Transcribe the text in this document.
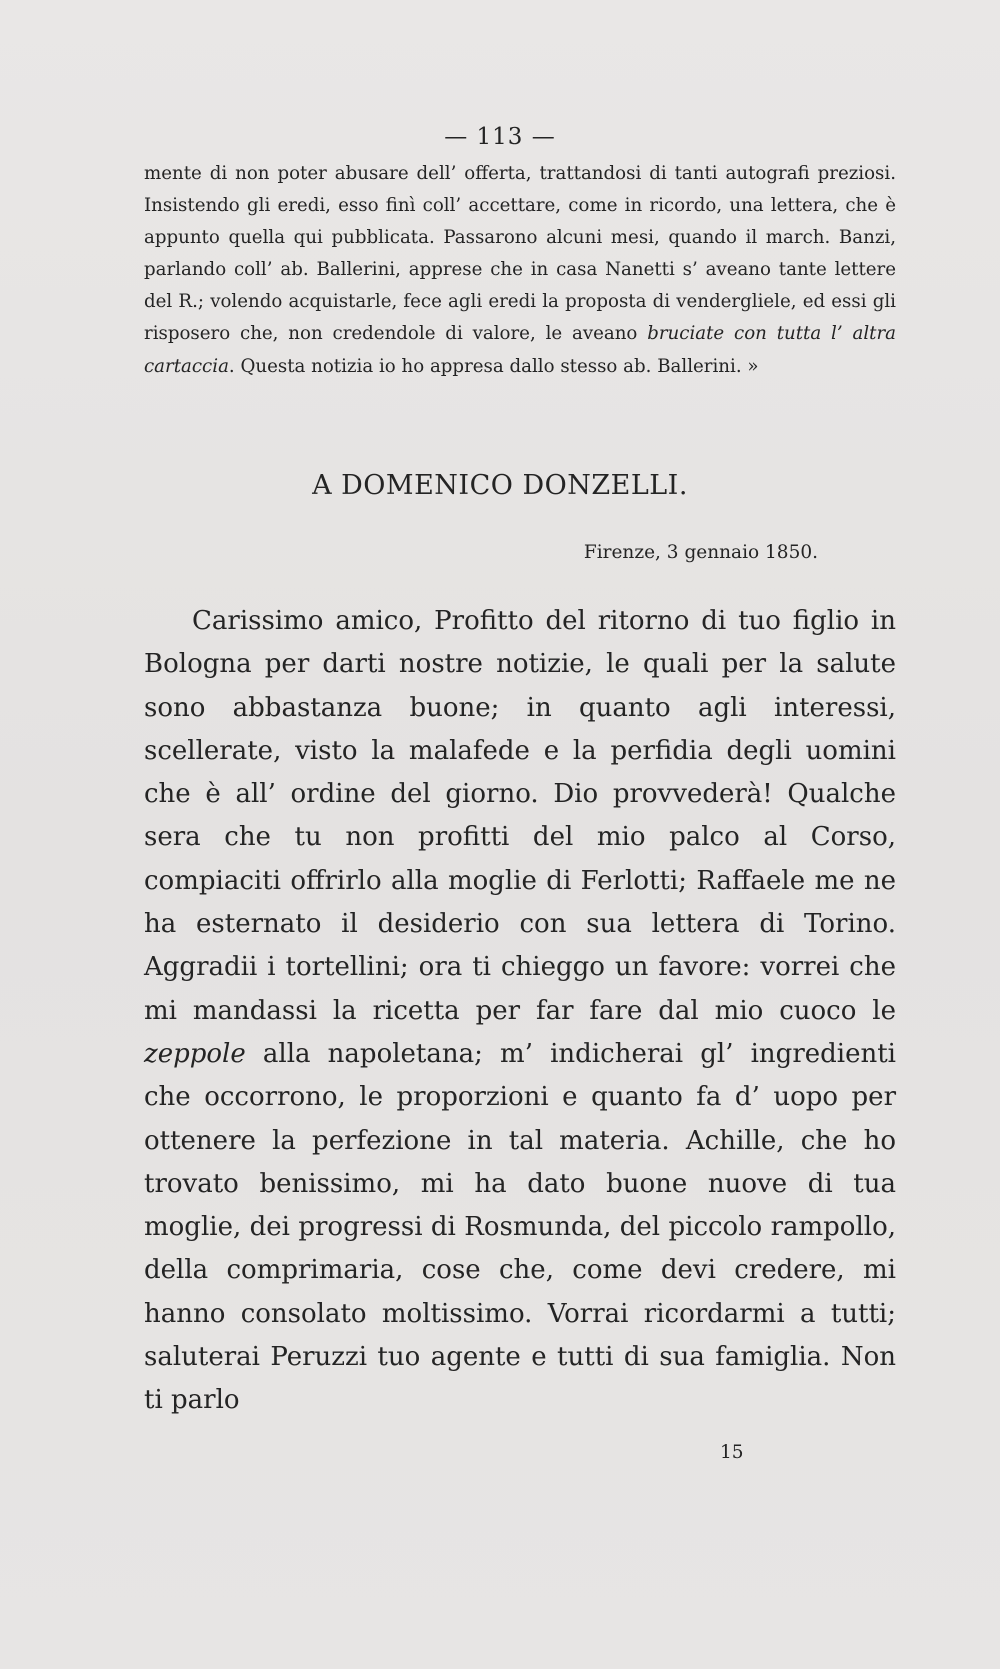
— 113 —

mente di non poter abusare dell’ offerta, trattandosi di tanti autografi preziosi. Insistendo gli eredi, esso finì coll’ accettare, come in ricordo, una lettera, che è appunto quella qui pubblicata. Passarono alcuni mesi, quando il march. Banzi, parlando coll’ ab. Ballerini, apprese che in casa Nanetti s’ aveano tante lettere del R.; volendo acquistarle, fece agli eredi la proposta di vendergliele, ed essi gli risposero che, non credendole di valore, le aveano bruciate con tutta l’ altra cartaccia. Questa notizia io ho appresa dallo stesso ab. Ballerini. »

A DOMENICO DONZELLI.
Firenze, 3 gennaio 1850.

Carissimo amico, Profitto del ritorno di tuo figlio in Bologna per darti nostre notizie, le quali per la salute sono abbastanza buone; in quanto agli interessi, scellerate, visto la malafede e la perfidia degli uomini che è all’ ordine del giorno. Dio provvederà! Qualche sera che tu non profitti del mio palco al Corso, compiaciti offrirlo alla moglie di Ferlotti; Raffaele me ne ha esternato il desiderio con sua lettera di Torino. Aggradii i tortellini; ora ti chieggo un favore: vorrei che mi mandassi la ricetta per far fare dal mio cuoco le zeppole alla napoletana; m’ indicherai gl’ ingredienti che occorrono, le proporzioni e quanto fa d’ uopo per ottenere la perfezione in tal materia. Achille, che ho trovato benissimo, mi ha dato buone nuove di tua moglie, dei progressi di Rosmunda, del piccolo rampollo, della comprimaria, cose che, come devi credere, mi hanno consolato moltissimo. Vorrai ricordarmi a tutti; saluterai Peruzzi tuo agente e tutti di sua famiglia. Non ti parlo

15
